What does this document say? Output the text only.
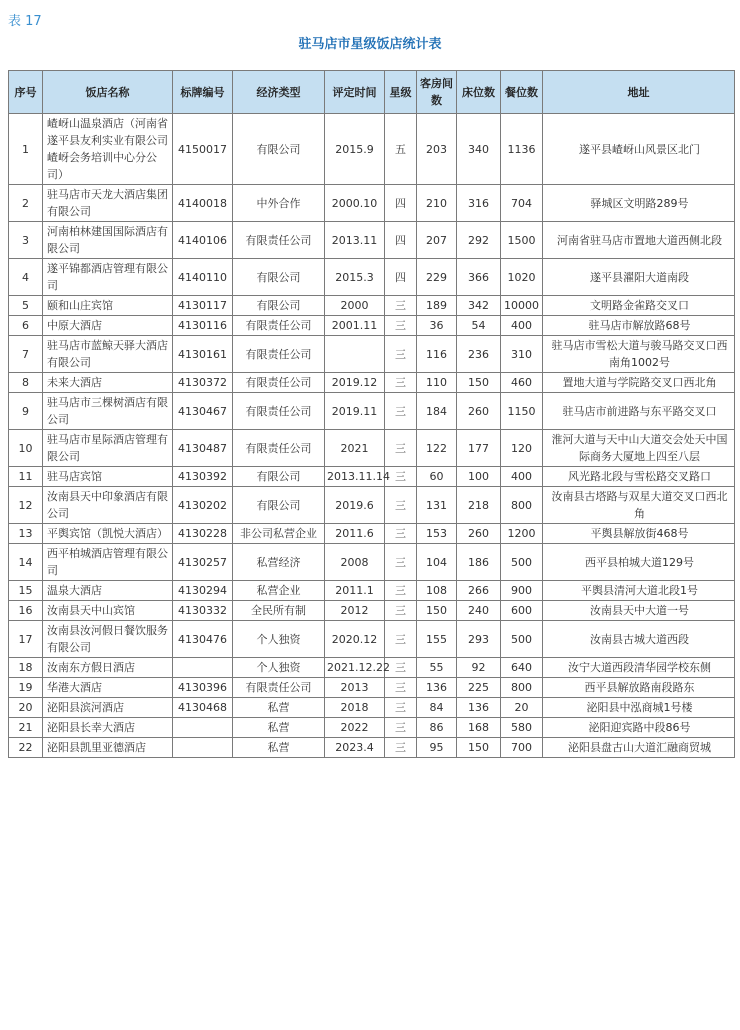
表 17
驻马店市星级饭店统计表
序号	饭店名称	标牌编号	经济类型	评定时间	星级	客房间数	床位数	餐位数	地址
1	嵖岈山温泉酒店（河南省遂平县友利实业有限公司嵖岈会务培训中心分公司）	4150017	有限公司	2015.9	五	203	340	1136	遂平县嵖岈山风景区北门
2	驻马店市天龙大酒店集团有限公司	4140018	中外合作	2000.10	四	210	316	704	驿城区文明路289号
3	河南柏林建国国际酒店有限公司	4140106	有限责任公司	2013.11	四	207	292	1500	河南省驻马店市置地大道西侧北段
4	遂平锦都酒店管理有限公司	4140110	有限公司	2015.3	四	229	366	1020	遂平县濯阳大道南段
5	颐和山庄宾馆	4130117	有限公司	2000	三	189	342	10000	文明路金雀路交叉口
6	中原大酒店	4130116	有限责任公司	2001.11	三	36	54	400	驻马店市解放路68号
7	驻马店市蓝鲸天驿大酒店有限公司	4130161	有限责任公司		三	116	236	310	驻马店市雪松大道与骏马路交叉口西南角1002号
8	未来大酒店	4130372	有限责任公司	2019.12	三	110	150	460	置地大道与学院路交叉口西北角
9	驻马店市三棵树酒店有限公司	4130467	有限责任公司	2019.11	三	184	260	1150	驻马店市前进路与东平路交叉口
10	驻马店市星际酒店管理有限公司	4130487	有限责任公司	2021	三	122	177	120	淮河大道与天中山大道交会处天中国际商务大厦地上四至八层
11	驻马店宾馆	4130392	有限公司	2013.11.14	三	60	100	400	风光路北段与雪松路交叉路口
12	汝南县天中印象酒店有限公司	4130202	有限公司	2019.6	三	131	218	800	汝南县古塔路与双星大道交叉口西北角
13	平舆宾馆（凯悦大酒店）	4130228	非公司私营企业	2011.6	三	153	260	1200	平舆县解放街468号
14	西平柏城酒店管理有限公司	4130257	私营经济	2008	三	104	186	500	西平县柏城大道129号
15	温泉大酒店	4130294	私营企业	2011.1	三	108	266	900	平舆县清河大道北段1号
16	汝南县天中山宾馆	4130332	全民所有制	2012	三	150	240	600	汝南县天中大道一号
17	汝南县汝河假日餐饮服务有限公司	4130476	个人独资	2020.12	三	155	293	500	汝南县古城大道西段
18	汝南东方假日酒店		个人独资	2021.12.22	三	55	92	640	汝宁大道西段清华园学校东侧
19	华港大酒店	4130396	有限责任公司	2013	三	136	225	800	西平县解放路南段路东
20	泌阳县滨河酒店	4130468	私营	2018	三	84	136	20	泌阳县中泓商城1号楼
21	泌阳县长幸大酒店		私营	2022	三	86	168	580	泌阳迎宾路中段86号
22	泌阳县凯里亚德酒店		私营	2023.4	三	95	150	700	泌阳县盘古山大道汇融商贸城
